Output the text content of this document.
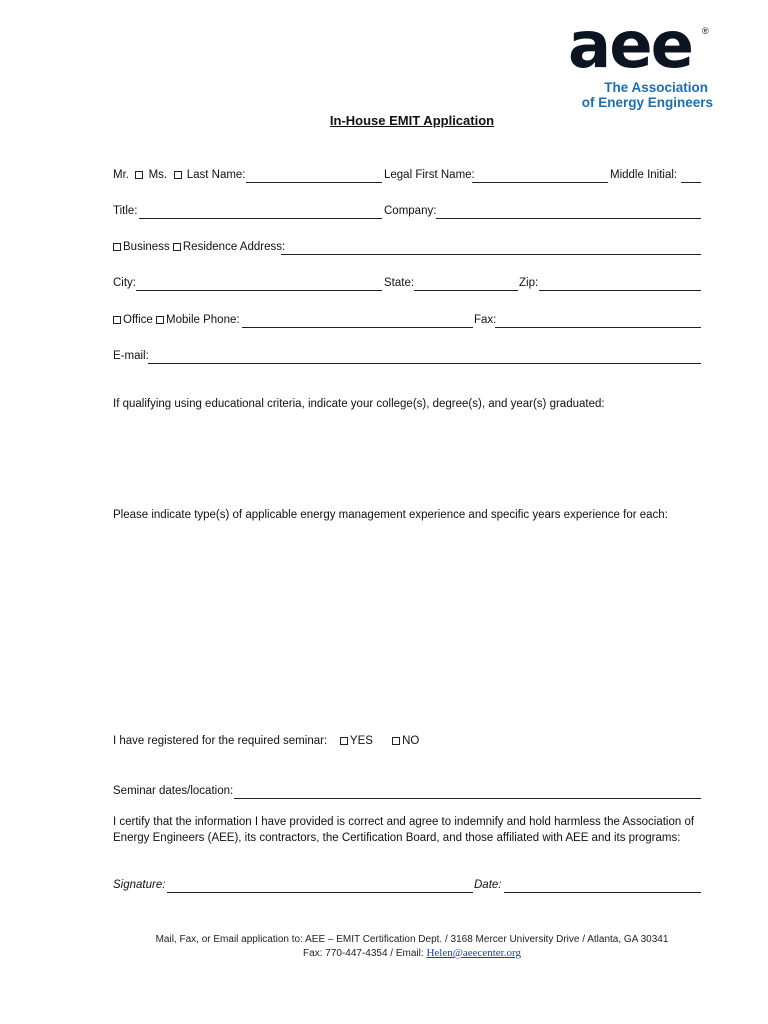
aee ®
The Association
of Energy Engineers
In-House EMIT Application
Mr. Ms. Last Name:	Legal First Name:	Middle Initial:
Title:	Company:
Business Residence Address:
City:	State:	Zip:
Office Mobile Phone:	Fax:
E-mail:
If qualifying using educational criteria, indicate your college(s), degree(s), and year(s) graduated:
Please indicate type(s) of applicable energy management experience and specific years experience for each:
I have registered for the required seminar: YES	NO
Seminar dates/location:
I certify that the information I have provided is correct and agree to indemnify and hold harmless the Association of
Energy Engineers (AEE), its contractors, the Certification Board, and those affiliated with AEE and its programs:
Signature:	Date:
Mail, Fax, or Email application to: AEE – EMIT Certification Dept. / 3168 Mercer University Drive / Atlanta, GA 30341
Fax: 770-447-4354 / Email: Helen@aeecenter.org
